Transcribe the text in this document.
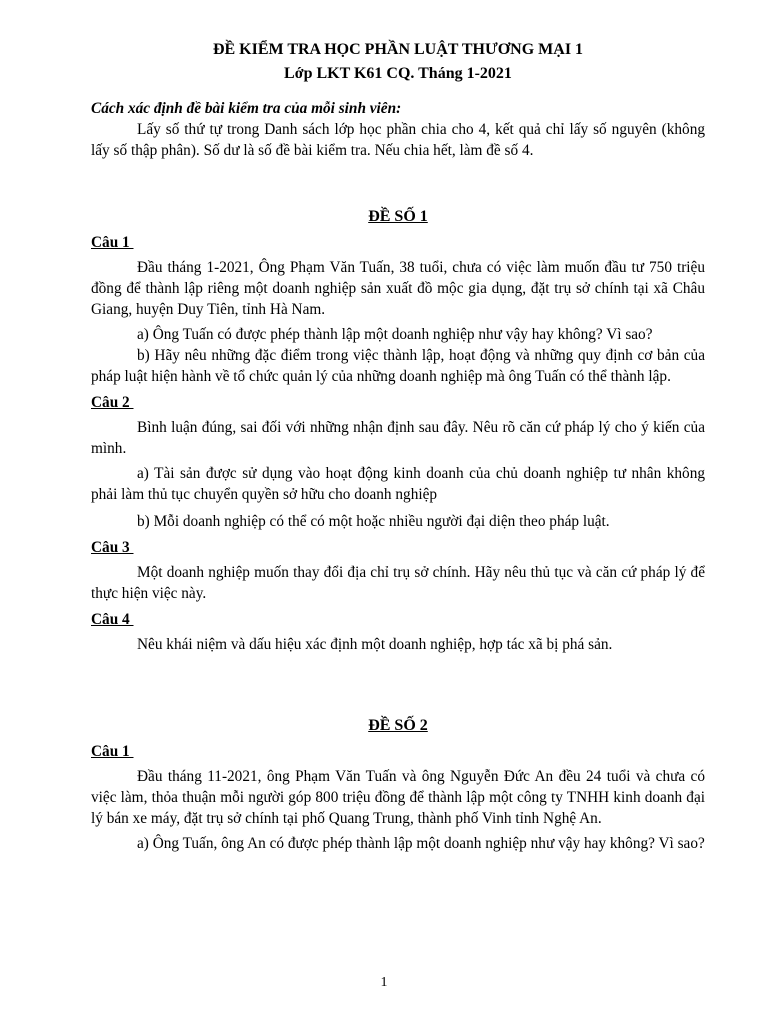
ĐỀ KIỂM TRA HỌC PHẦN LUẬT THƯƠNG MẠI 1
Lớp LKT K61 CQ. Tháng 1-2021
Cách xác định đề bài kiểm tra của mỗi sinh viên:

Lấy số thứ tự trong Danh sách lớp học phần chia cho 4, kết quả chỉ lấy số nguyên (không lấy số thập phân). Số dư là số đề bài kiểm tra. Nếu chia hết, làm đề số 4.

ĐỀ SỐ 1
Câu 1

Đầu tháng 1-2021, Ông Phạm Văn Tuấn, 38 tuổi, chưa có việc làm muốn đầu tư 750 triệu đồng để thành lập riêng một doanh nghiệp sản xuất đồ mộc gia dụng, đặt trụ sở chính tại xã Châu Giang, huyện Duy Tiên, tỉnh Hà Nam.

a) Ông Tuấn có được phép thành lập một doanh nghiệp như vậy hay không? Vì sao?

b) Hãy nêu những đặc điểm trong việc thành lập, hoạt động và những quy định cơ bản của pháp luật hiện hành về tổ chức quản lý của những doanh nghiệp mà ông Tuấn có thể thành lập.

Câu 2

Bình luận đúng, sai đối với những nhận định sau đây. Nêu rõ căn cứ pháp lý cho ý kiến của mình.

a) Tài sản được sử dụng vào hoạt động kinh doanh của chủ doanh nghiệp tư nhân không phải làm thủ tục chuyển quyền sở hữu cho doanh nghiệp

b) Mỗi doanh nghiệp có thể có một hoặc nhiều người đại diện theo pháp luật.

Câu 3

Một doanh nghiệp muốn thay đổi địa chỉ trụ sở chính. Hãy nêu thủ tục và căn cứ pháp lý để thực hiện việc này.

Câu 4

Nêu khái niệm và dấu hiệu xác định một doanh nghiệp, hợp tác xã bị phá sản.

ĐỀ SỐ 2
Câu 1

Đầu tháng 11-2021, ông Phạm Văn Tuấn và ông Nguyễn Đức An đều 24 tuổi và chưa có việc làm, thỏa thuận mỗi người góp 800 triệu đồng để thành lập một công ty TNHH kinh doanh đại lý bán xe máy, đặt trụ sở chính tại phố Quang Trung, thành phố Vinh tỉnh Nghệ An.

a) Ông Tuấn, ông An có được phép thành lập một doanh nghiệp như vậy hay không? Vì sao?

1
